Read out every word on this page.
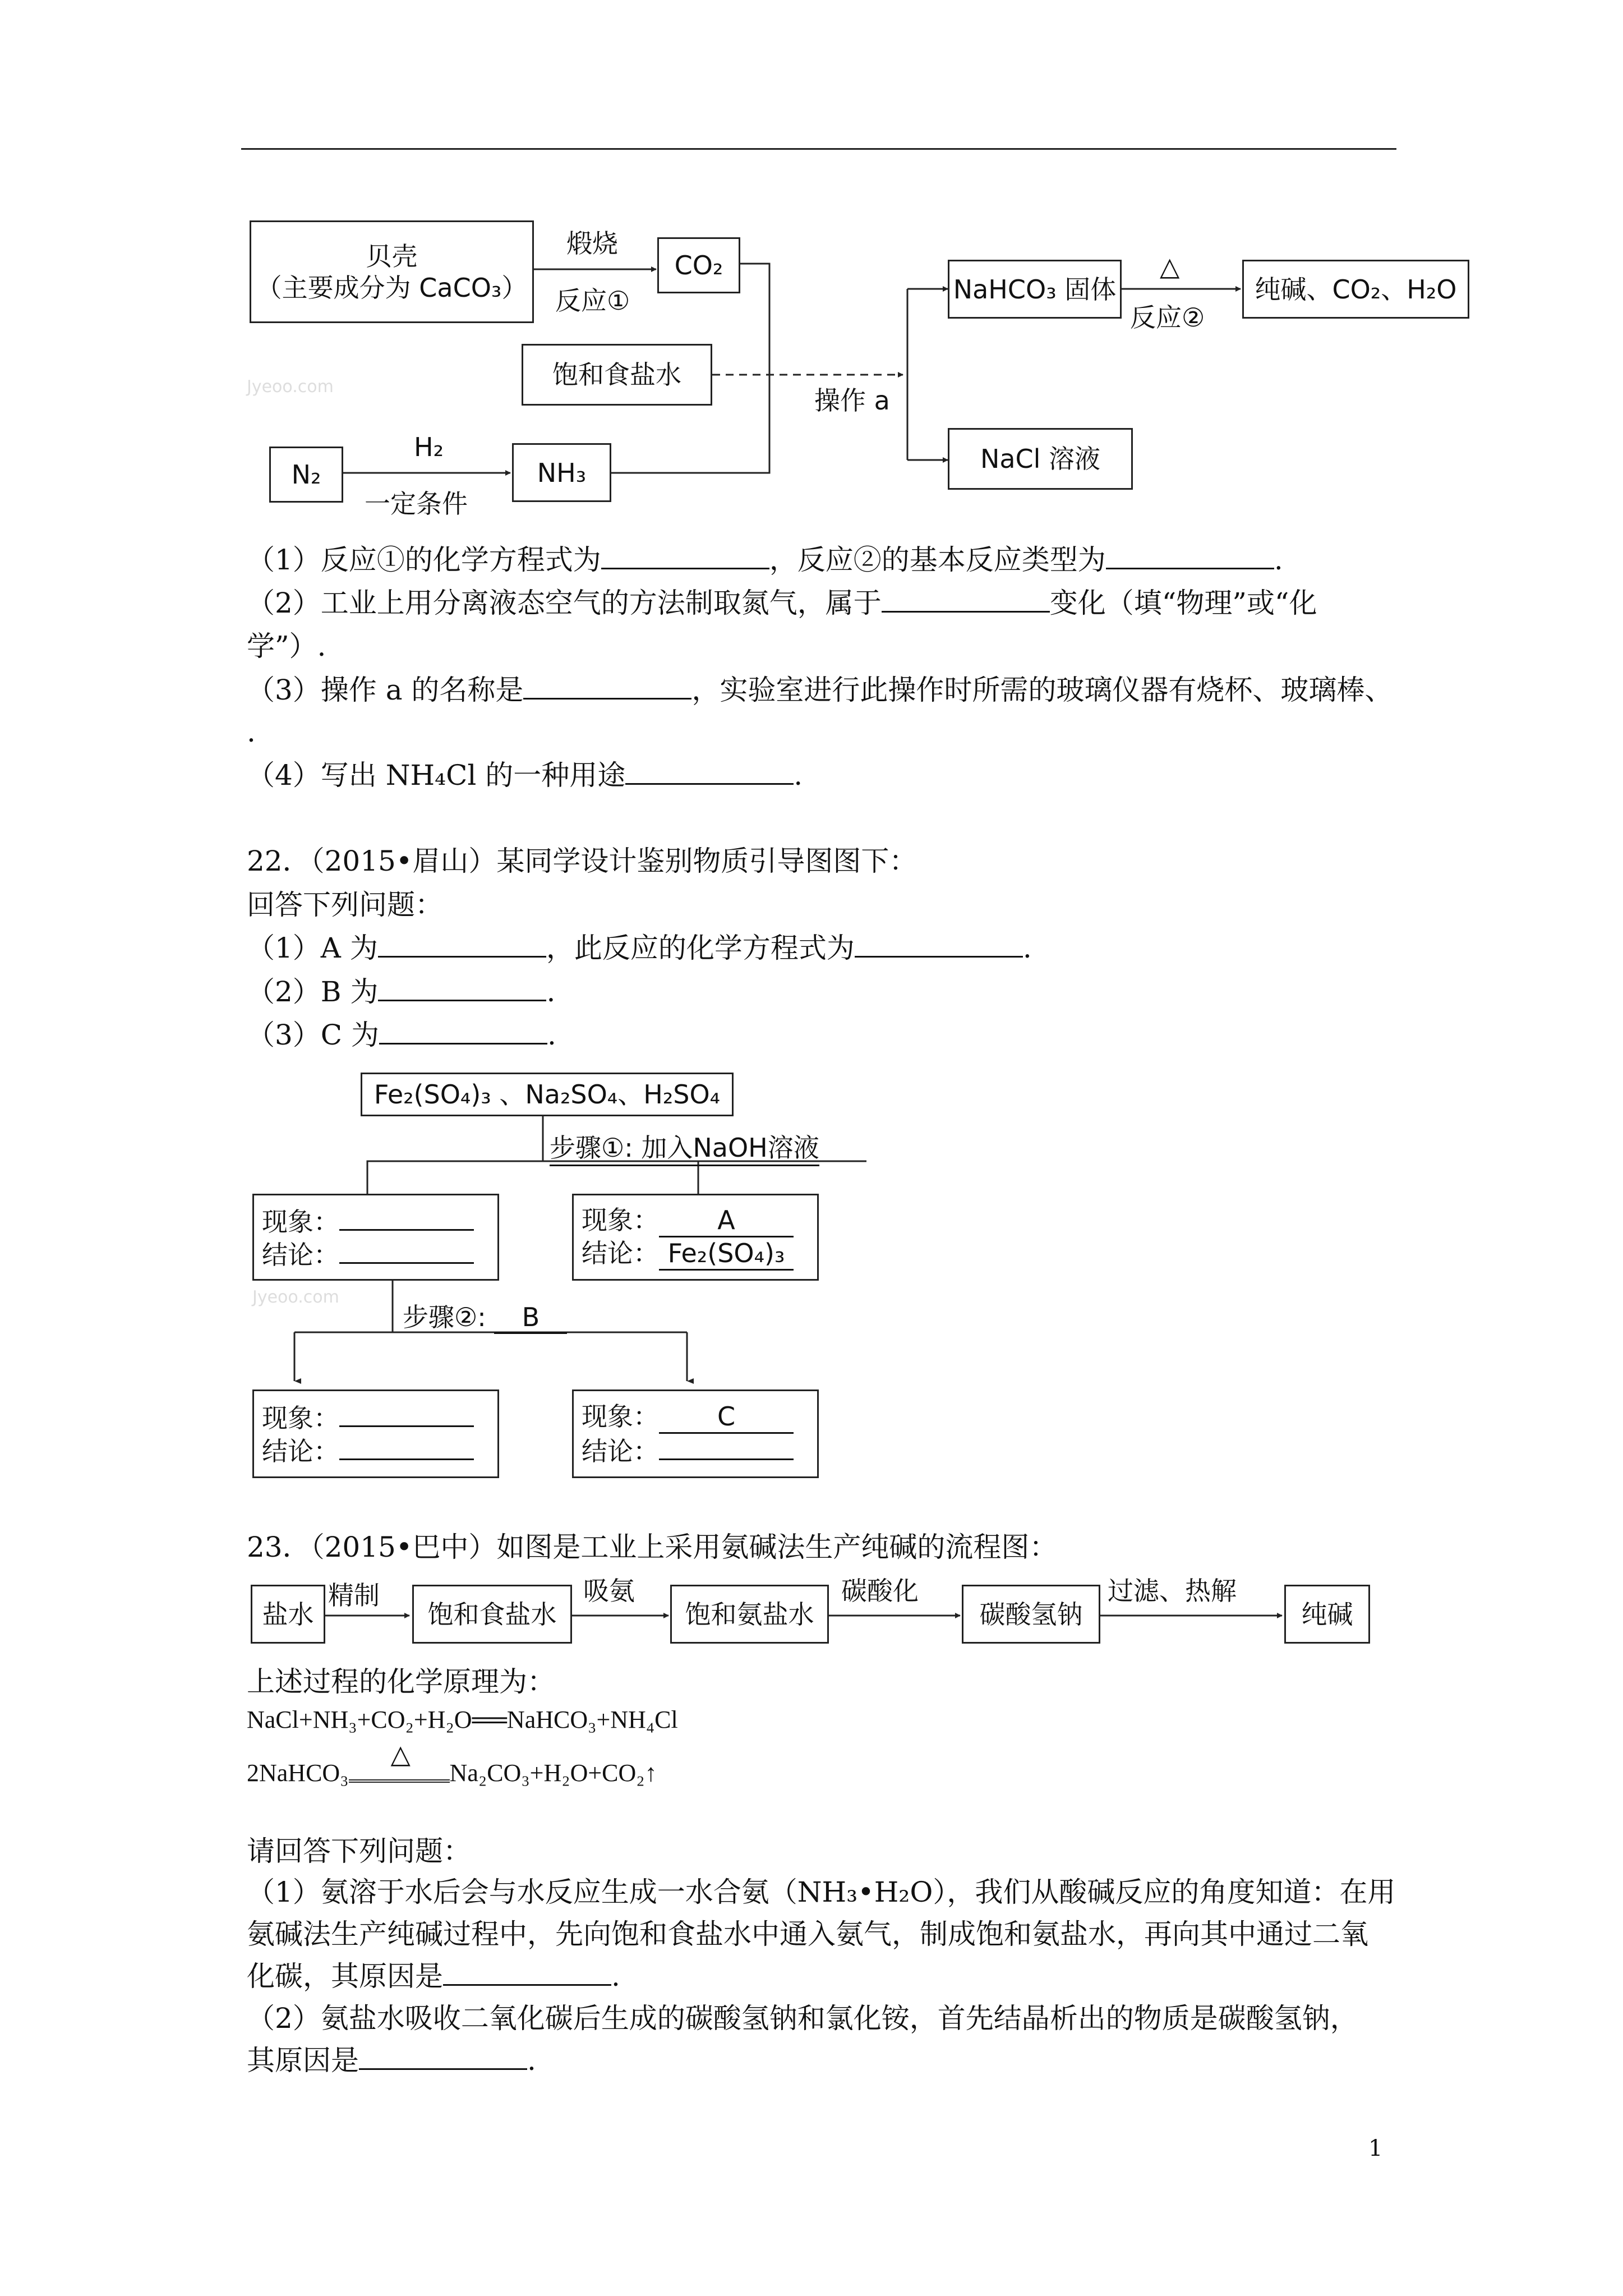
贝壳
（主要成分为 CaCO₃）
煅烧
反应①
CO₂
饱和食盐水
Jyeoo.com	操作 a
NaHCO₃ 固体
△
反应②
纯碱、CO₂、H₂O
NaCl 溶液
N₂
H₂
一定条件
NH₃
（1）反应①的化学方程式为	，反应②的基本反应类型为	.
（2）工业上用分离液态空气的方法制取氮气，属于	变化（填“物理”或“化
学”）.
（3）操作 a 的名称是	，实验室进行此操作时所需的玻璃仪器有烧杯、玻璃棒、
.
（4）写出 NH₄Cl 的一种用途	.
22．（2015•眉山）某同学设计鉴别物质引导图图下：
回答下列问题：
（1）A 为	，此反应的化学方程式为	.
（2）B 为	.
（3）C 为	.
Fe₂(SO₄)₃ 、Na₂SO₄、H₂SO₄
步骤①: 加入NaOH溶液
现象：
结论：
现象： A
结论： Fe₂(SO₄)₃
Jyeoo.com
步骤②: B
现象：
结论：
现象： C
结论：
23．（2015•巴中）如图是工业上采用氨碱法生产纯碱的流程图：
盐水
精制
饱和食盐水
吸氨
饱和氨盐水
碳酸化
碳酸氢钠
过滤、热解
纯碱
上述过程的化学原理为：
NaCl+NH₃+CO₂+H₂O══NaHCO₃+NH₄Cl
2NaHCO₃
△
Na₂CO₃+H₂O+CO₂↑
请回答下列问题：
（1）氨溶于水后会与水反应生成一水合氨（NH₃•H₂O），我们从酸碱反应的角度知道：在用
氨碱法生产纯碱过程中，先向饱和食盐水中通入氨气，制成饱和氨盐水，再向其中通过二氧
化碳，其原因是	.
（2）氨盐水吸收二氧化碳后生成的碳酸氢钠和氯化铵，首先结晶析出的物质是碳酸氢钠，
其原因是	.
1
